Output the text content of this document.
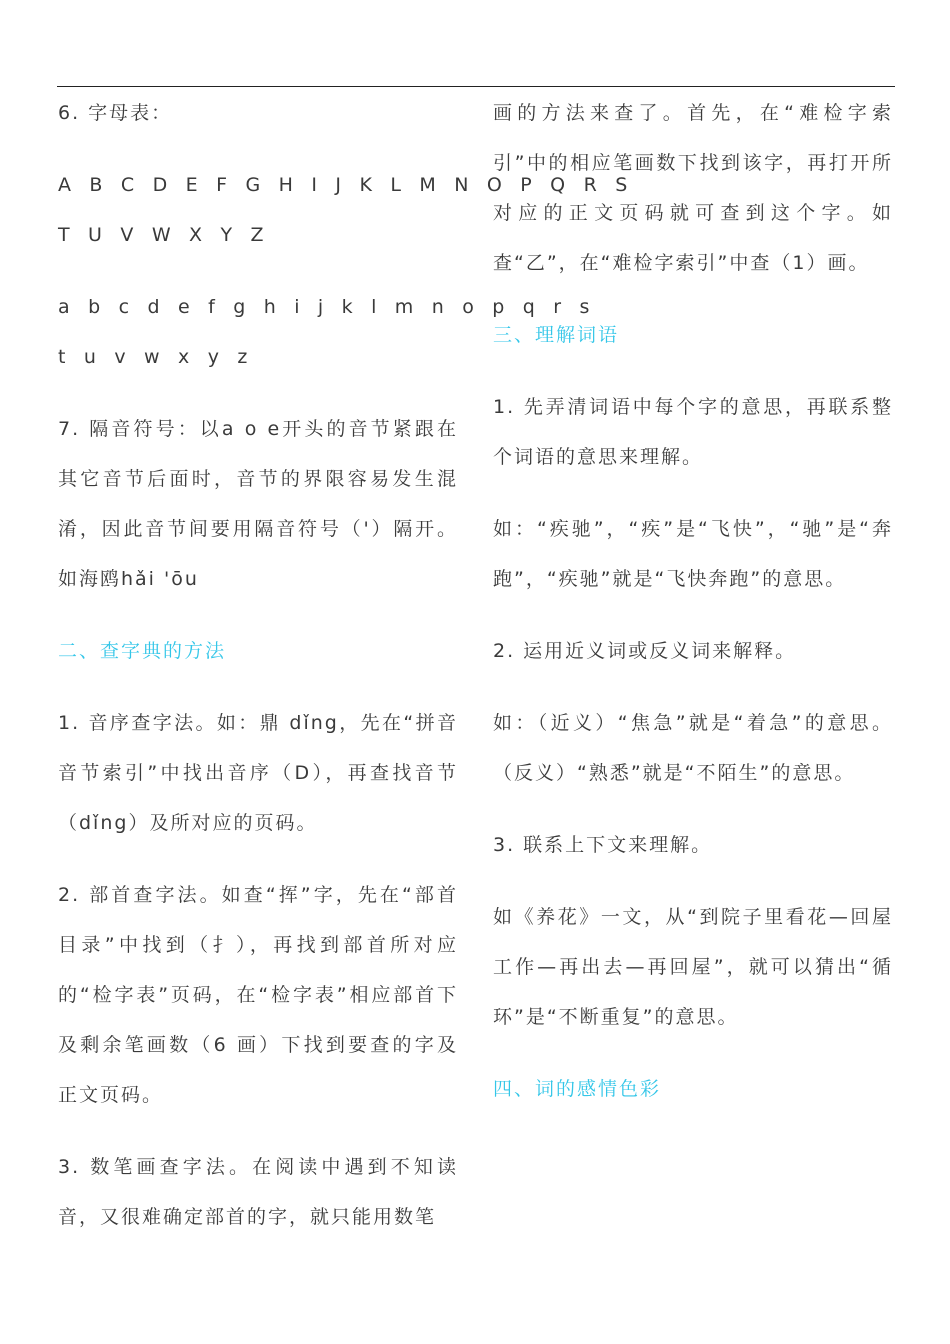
6. 字母表：

A B C D E F G H I J K L M N O P Q R S

T U V W X Y Z

a b c d e f g h i j k l m n o p q r s

t u v w x y z

7. 隔音符号：以a o e开头的音节紧跟在其它音节后面时，音节的界限容易发生混淆，因此音节间要用隔音符号（'）隔开。如海鸥hǎi 'ōu

二、查字典的方法

1. 音序查字法。如：鼎 dǐng，先在“拼音音节索引”中找出音序（D），再查找音节（dǐng）及所对应的页码。

2. 部首查字法。如查“挥”字，先在“部首目录”中找到（扌），再找到部首所对应的“检字表”页码，在“检字表”相应部首下及剩余笔画数（6 画）下找到要查的字及正文页码。

3. 数笔画查字法。在阅读中遇到不知读音，又很难确定部首的字，就只能用数笔

画的方法来查了。首先，在“难检字索引”中的相应笔画数下找到该字，再打开所对应的正文页码就可查到这个字。如查“乙”，在“难检字索引”中查（1）画。

三、理解词语

1. 先弄清词语中每个字的意思，再联系整个词语的意思来理解。

如：“疾驰”，“疾”是“飞快”，“驰”是“奔跑”，“疾驰”就是“飞快奔跑”的意思。

2. 运用近义词或反义词来解释。

如：（近义）“焦急”就是“着急”的意思。（反义）“熟悉”就是“不陌生”的意思。

3. 联系上下文来理解。

如《养花》一文，从“到院子里看花—回屋工作—再出去—再回屋”，就可以猜出“循环”是“不断重复”的意思。

四、词的感情色彩
